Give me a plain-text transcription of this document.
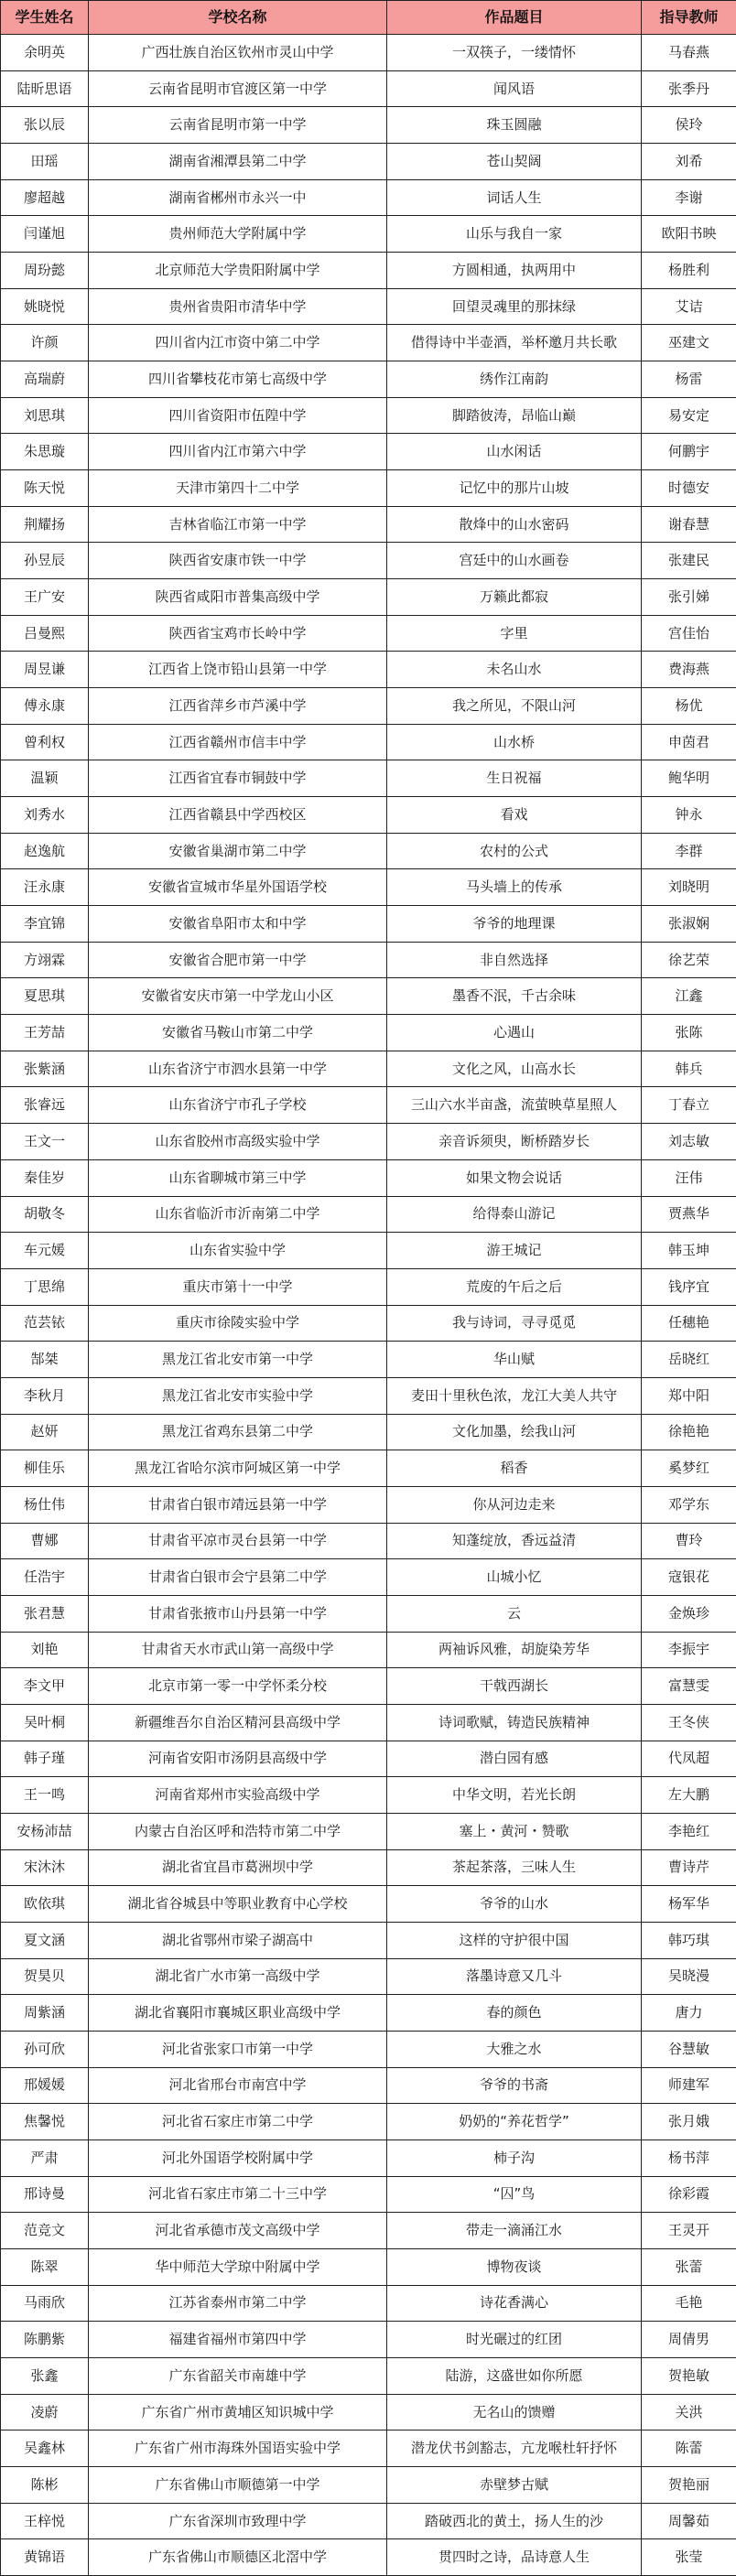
学生姓名	学校名称	作品题目	指导教师
余明英	广西壮族自治区钦州市灵山中学	一双筷子，一缕情怀	马春燕
陆昕思语	云南省昆明市官渡区第一中学	闻风语	张季丹
张以辰	云南省昆明市第一中学	珠玉圆融	侯玲
田瑶	湖南省湘潭县第二中学	苍山契阔	刘希
廖超越	湖南省郴州市永兴一中	词话人生	李谢
闫谨旭	贵州师范大学附属中学	山乐与我自一家	欧阳书映
周玢懿	北京师范大学贵阳附属中学	方圆相通，执两用中	杨胜利
姚晓悦	贵州省贵阳市清华中学	回望灵魂里的那抹绿	艾诘
许颜	四川省内江市资中第二中学	借得诗中半壶酒，举杯邀月共长歌	巫建文
高瑞蔚	四川省攀枝花市第七高级中学	绣作江南韵	杨雷
刘思琪	四川省资阳市伍隍中学	脚踏彼涛，昂临山巅	易安定
朱思璇	四川省内江市第六中学	山水闲话	何鹏宇
陈天悦	天津市第四十二中学	记忆中的那片山坡	时德安
荆耀扬	吉林省临江市第一中学	散烽中的山水密码	谢春慧
孙昱辰	陕西省安康市铁一中学	宫廷中的山水画卷	张建民
王广安	陕西省咸阳市普集高级中学	万籁此都寂	张引娣
吕曼熙	陕西省宝鸡市长岭中学	字里	宫佳怡
周昱谦	江西省上饶市铅山县第一中学	未名山水	费海燕
傅永康	江西省萍乡市芦溪中学	我之所见，不限山河	杨优
曾利权	江西省赣州市信丰中学	山水桥	申茵君
温颖	江西省宜春市铜鼓中学	生日祝福	鲍华明
刘秀水	江西省赣县中学西校区	看戏	钟永
赵逸航	安徽省巢湖市第二中学	农村的公式	李群
汪永康	安徽省宣城市华星外国语学校	马头墙上的传承	刘晓明
李宜锦	安徽省阜阳市太和中学	爷爷的地理课	张淑娴
方翊霖	安徽省合肥市第一中学	非自然选择	徐艺荣
夏思琪	安徽省安庆市第一中学龙山小区	墨香不泯，千古余味	江鑫
王芳喆	安徽省马鞍山市第二中学	心遇山	张陈
张紫涵	山东省济宁市泗水县第一中学	文化之风，山高水长	韩兵
张睿远	山东省济宁市孔子学校	三山六水半亩盏，流萤映草星照人	丁春立
王文一	山东省胶州市高级实验中学	亲音诉须臾，断桥踏岁长	刘志敏
秦佳岁	山东省聊城市第三中学	如果文物会说话	汪伟
胡敬冬	山东省临沂市沂南第二中学	给得泰山游记	贾燕华
车元媛	山东省实验中学	游王城记	韩玉坤
丁思绵	重庆市第十一中学	荒废的午后之后	钱序宜
范芸铱	重庆市徐陵实验中学	我与诗词，寻寻觅觅	任穗艳
郜桀	黑龙江省北安市第一中学	华山赋	岳晓红
李秋月	黑龙江省北安市实验中学	麦田十里秋色浓，龙江大美人共守	郑中阳
赵妍	黑龙江省鸡东县第二中学	文化加墨，绘我山河	徐艳艳
柳佳乐	黑龙江省哈尔滨市阿城区第一中学	稻香	奚梦红
杨仕伟	甘肃省白银市靖远县第一中学	你从河边走来	邓学东
曹娜	甘肃省平凉市灵台县第一中学	知蓬绽放，香远益清	曹玲
任浩宇	甘肃省白银市会宁县第二中学	山城小忆	寇银花
张君慧	甘肃省张掖市山丹县第一中学	云	金焕珍
刘艳	甘肃省天水市武山第一高级中学	两袖诉风雅，胡旋染芳华	李振宇
李文甲	北京市第一零一中学怀柔分校	干戟西湖长	富慧雯
吴叶桐	新疆维吾尔自治区精河县高级中学	诗词歌赋，铸造民族精神	王冬侠
韩子瑾	河南省安阳市汤阴县高级中学	潜白园有感	代凤超
王一鸣	河南省郑州市实验高级中学	中华文明，若光长朗	左大鹏
安杨沛喆	内蒙古自治区呼和浩特市第二中学	塞上・黄河・赞歌	李艳红
宋沐沐	湖北省宜昌市葛洲坝中学	茶起茶落，三味人生	曹诗芹
欧依琪	湖北省谷城县中等职业教育中心学校	爷爷的山水	杨军华
夏文涵	湖北省鄂州市梁子湖高中	这样的守护很中国	韩巧琪
贺昊贝	湖北省广水市第一高级中学	落墨诗意又几斗	吴晓漫
周紫涵	湖北省襄阳市襄城区职业高级中学	春的颜色	唐力
孙可欣	河北省张家口市第一中学	大雅之水	谷慧敏
邢媛媛	河北省邢台市南宫中学	爷爷的书斋	师建军
焦馨悦	河北省石家庄市第二中学	奶奶的“养花哲学”	张月娥
严肃	河北外国语学校附属中学	柿子沟	杨书萍
邢诗曼	河北省石家庄市第二十三中学	“囚”鸟	徐彩霞
范竞文	河北省承德市茂文高级中学	带走一滴涌江水	王灵开
陈翠	华中师范大学琼中附属中学	博物夜谈	张蕾
马雨欣	江苏省泰州市第二中学	诗花香满心	毛艳
陈鹏紫	福建省福州市第四中学	时光碾过的红团	周倩男
张鑫	广东省韶关市南雄中学	陆游，这盛世如你所愿	贺艳敏
凌蔚	广东省广州市黄埔区知识城中学	无名山的馈赠	关洪
吴鑫林	广东省广州市海珠外国语实验中学	潜龙伏书剑豁志，亢龙喉杜轩抒怀	陈蕾
陈彬	广东省佛山市顺德第一中学	赤壁梦古赋	贺艳丽
王梓悦	广东省深圳市致理中学	踏破西北的黄土，扬人生的沙	周馨茹
黄锦语	广东省佛山市顺德区北滘中学	贯四时之诗，品诗意人生	张莹
